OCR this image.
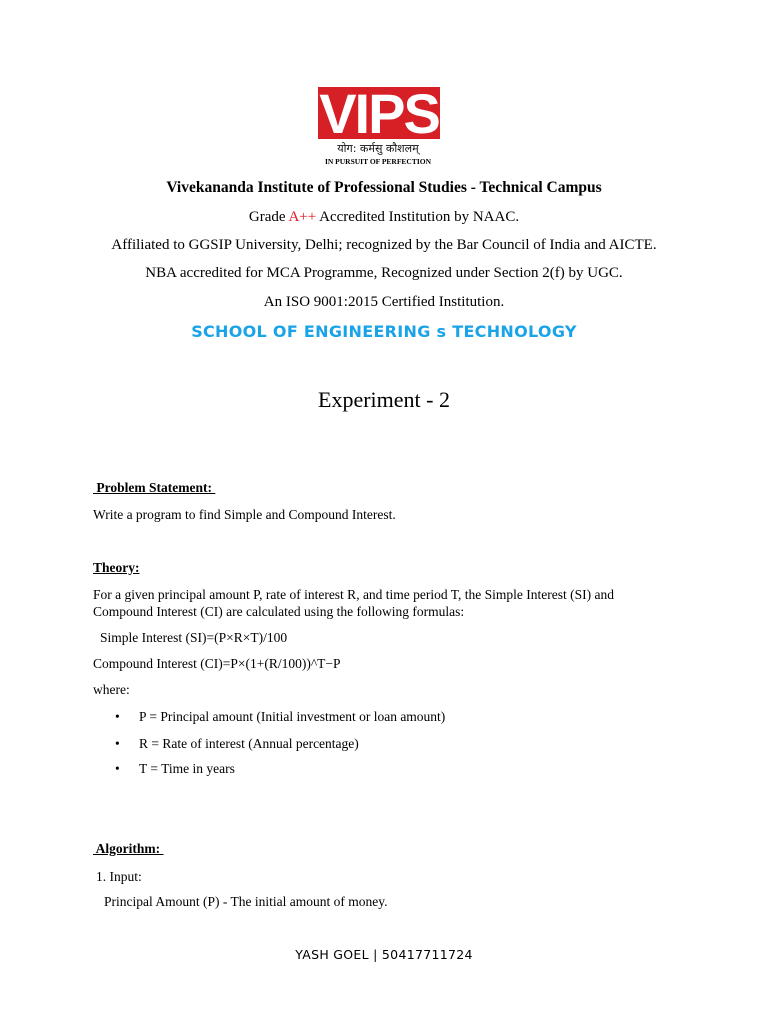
VIPS
योग: कर्मसु कौशलम्
IN PURSUIT OF PERFECTION
Vivekananda Institute of Professional Studies - Technical Campus
Grade A++ Accredited Institution by NAAC.
Affiliated to GGSIP University, Delhi; recognized by the Bar Council of India and AICTE.
NBA accredited for MCA Programme, Recognized under Section 2(f) by UGC.
An ISO 9001:2015 Certified Institution.
SCHOOL OF ENGINEERING s TECHNOLOGY
Experiment - 2
Problem Statement:
Write a program to find Simple and Compound Interest.
Theory:
For a given principal amount P, rate of interest R, and time period T, the Simple Interest (SI) and Compound Interest (CI) are calculated using the following formulas:
Simple Interest (SI)=(P×R×T)/100
Compound Interest (CI)=P×(1+(R/100))^T−P
where:
• P = Principal amount (Initial investment or loan amount)
• R = Rate of interest (Annual percentage)
• T = Time in years
Algorithm:
1. Input:
Principal Amount (P) - The initial amount of money.
YASH GOEL | 50417711724
